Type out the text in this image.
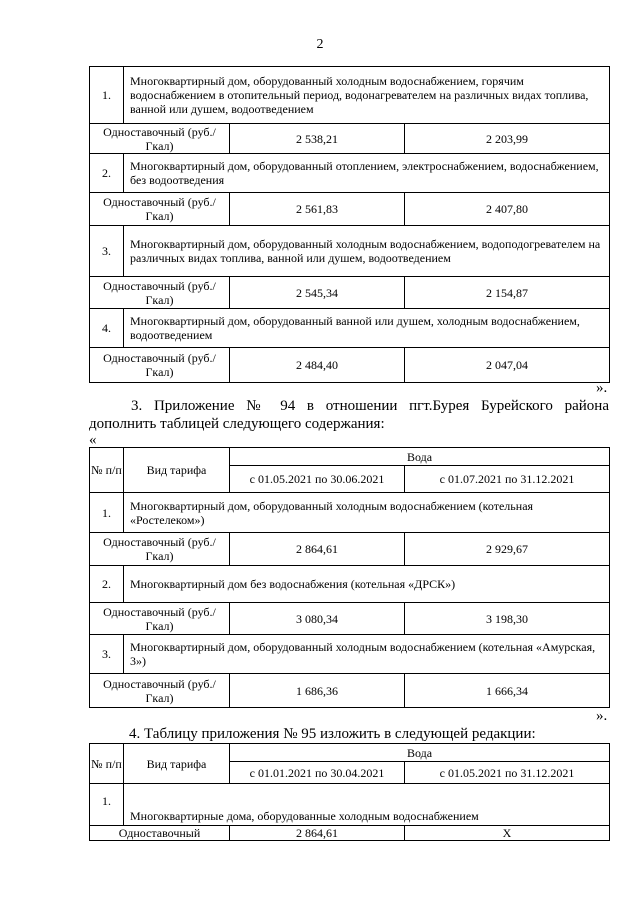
2
1.	Многоквартирный дом, оборудованный холодным водоснабжением, горячим водоснабжением в отопительный период, водонагревателем на различных видах топлива, ванной или душем, водоотведением		
Одноставочный (руб./Гкал)		2 538,21	2 203,99
2.	Многоквартирный дом, оборудованный отоплением, электроснабжением, водоснабжением, без водоотведения		
Одноставочный (руб./Гкал)		2 561,83	2 407,80
3.	Многоквартирный дом, оборудованный холодным водоснабжением, водоподогревателем на различных видах топлива, ванной или душем, водоотведением		
Одноставочный (руб./Гкал)		2 545,34	2 154,87
4.	Многоквартирный дом, оборудованный ванной или душем, холодным водоснабжением, водоотведением		
Одноставочный (руб./Гкал)		2 484,40	2 047,04
».
3. Приложение № 94 в отношении пгт.Бурея Бурейского района
дополнить таблицей следующего содержания:
«
№ п/п	Вид тарифа	Вода	
		с 01.05.2021 по 30.06.2021	с 01.07.2021 по 31.12.2021
1.	Многоквартирный дом, оборудованный холодным водоснабжением (котельная «Ростелеком»)		
Одноставочный (руб./Гкал)		2 864,61	2 929,67
2.	Многоквартирный дом без водоснабжения (котельная «ДРСК»)		
Одноставочный (руб./Гкал)		3 080,34	3 198,30
3.	Многоквартирный дом, оборудованный холодным водоснабжением (котельная «Амурская, 3»)		
Одноставочный (руб./Гкал)		1 686,36	1 666,34
».
4. Таблицу приложения № 95 изложить в следующей редакции:
№ п/п	Вид тарифа	Вода	
		с 01.01.2021 по 30.04.2021	с 01.05.2021 по 31.12.2021
1.	Многоквартирные дома, оборудованные холодным водоснабжением		
Одноставочный		2 864,61	Х
